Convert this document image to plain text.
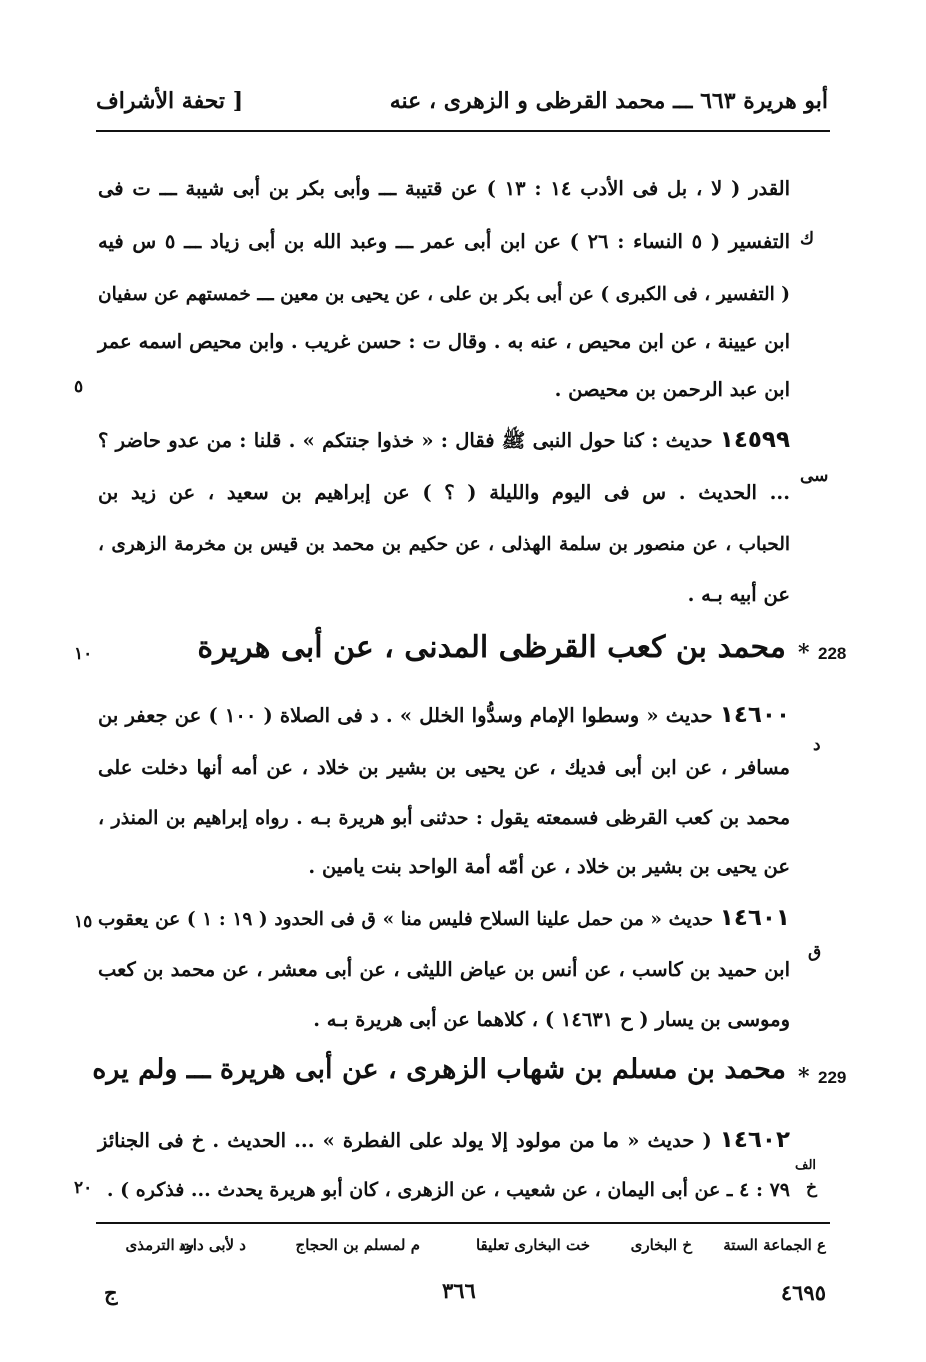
أبو هريرة ٦٦٣ ـــ محمد القرظى و الزهرى ، عنه
[ تحفة الأشراف
القدر ( لا ، بل فى الأدب ١٤ : ١٣ ) عن قتيبة ـــ وأبى بكر بن أبى شيبة ـــ ت فى
التفسير ( ٥ النساء : ٢٦ ) عن ابن أبى عمر ـــ وعبد الله بن أبى زياد ـــ ٥ س فيه
( التفسير ، فى الكبرى ) عن أبى بكر بن على ، عن يحيى بن معين ـــ خمستهم عن سفيان
ابن عيينة ، عن ابن محيص ، عنه به . وقال ت : حسن غريب . وابن محيص اسمه عمر
ابن عبد الرحمن بن محيصن .
ك
٥
١٤٥٩٩ حديث : كنا حول النبى ﷺ فقال : « خذوا جنتكم » . قلنا : من عدو حاضر ؟
... الحديث . س فى اليوم والليلة ( ؟ ) عن إبراهيم بن سعيد ، عن زيد بن
الحباب ، عن منصور بن سلمة الهذلى ، عن حكيم بن محمد بن قيس بن مخرمة الزهرى ،
عن أبيه بـه .
سى
228
*
محمد بن كعب القرظى المدنى ، عن أبى هريرة
١٠
١٤٦٠٠ حديث « وسطوا الإمام وسدُّوا الخلل » . د فى الصلاة ( ١٠٠ ) عن جعفر بن
مسافر ، عن ابن أبى فديك ، عن يحيى بن بشير بن خلاد ، عن أمه أنها دخلت على
محمد بن كعب القرظى فسمعته يقول : حدثنى أبو هريرة بـه . رواه إبراهيم بن المنذر ،
عن يحيى بن بشير بن خلاد ، عن أمّه أمة الواحد بنت يامين .
د
١٤٦٠١ حديث « من حمل علينا السلاح فليس منا » ق فى الحدود ( ١٩ : ١ ) عن يعقوب
ابن حميد بن كاسب ، عن أنس بن عياض الليثى ، عن أبى معشر ، عن محمد بن كعب
وموسى بن يسار ( ح ١٤٦٣١ ) ، كلاهما عن أبى هريرة بـه .
ق
١٥
229
*
محمد بن مسلم بن شهاب الزهرى ، عن أبى هريرة ـــ ولم يره
١٤٦٠٢ ( حديث « ما من مولود إلا يولد على الفطرة » ... الحديث . خ فى الجنائز
٧٩ : ٤ ـ عن أبى اليمان ، عن شعيب ، عن الزهرى ، كان أبو هريرة يحدث ... فذكره ) .
الف
خ
٢٠
ع الجماعة الستة
خ البخارى
خت البخارى تعليقا
م لمسلم بن الحجاج
د لأبى داود
ت الترمذى
٤٦٩٥
٣٦٦
ج
